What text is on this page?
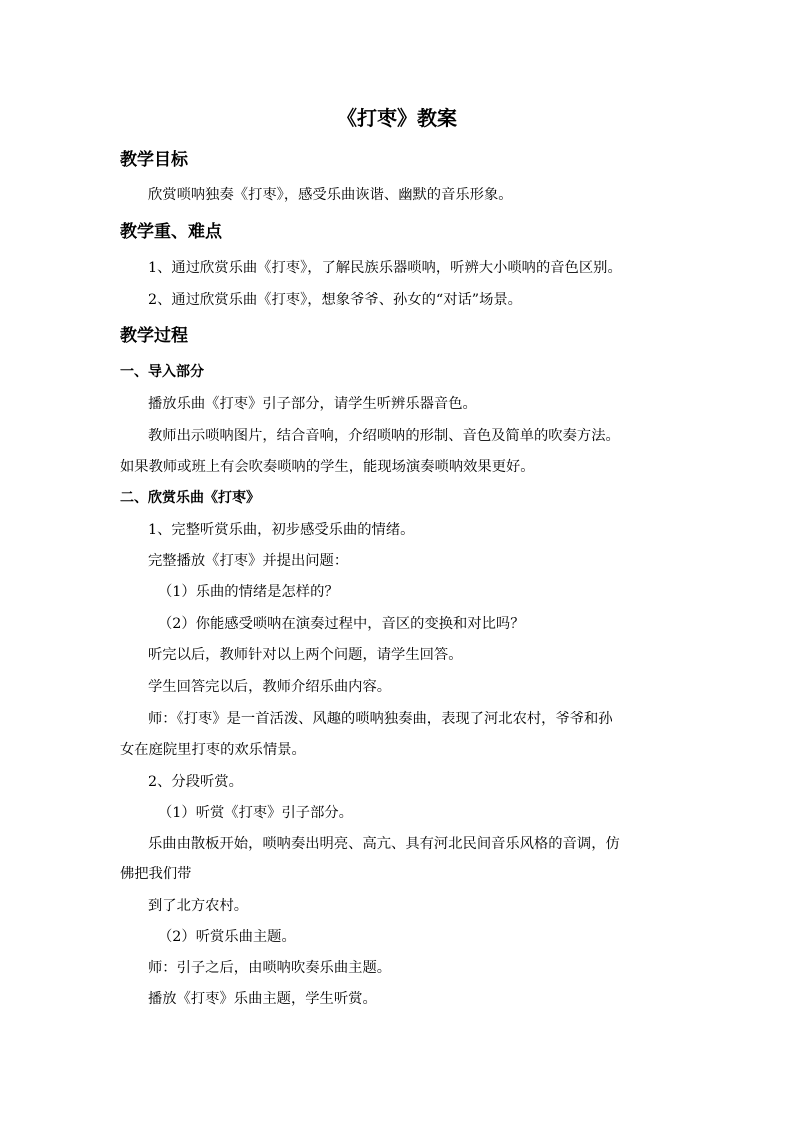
《打枣》教案
教学目标
欣赏唢呐独奏《打枣》，感受乐曲诙谐、幽默的音乐形象。
教学重、难点
1、通过欣赏乐曲《打枣》，了解民族乐器唢呐，听辨大小唢呐的音色区别。
2、通过欣赏乐曲《打枣》，想象爷爷、孙女的“对话”场景。
教学过程
一、导入部分
播放乐曲《打枣》引子部分，请学生听辨乐器音色。
教师出示唢呐图片，结合音响，介绍唢呐的形制、音色及简单的吹奏方法。
如果教师或班上有会吹奏唢呐的学生，能现场演奏唢呐效果更好。
二、欣赏乐曲《打枣》
1、完整听赏乐曲，初步感受乐曲的情绪。
完整播放《打枣》并提出问题：
（1）乐曲的情绪是怎样的？
（2）你能感受唢呐在演奏过程中，音区的变换和对比吗？
听完以后，教师针对以上两个问题，请学生回答。
学生回答完以后，教师介绍乐曲内容。
师：《打枣》是一首活泼、风趣的唢呐独奏曲，表现了河北农村，爷爷和孙
女在庭院里打枣的欢乐情景。
2、分段听赏。
（1）听赏《打枣》引子部分。
乐曲由散板开始，唢呐奏出明亮、高亢、具有河北民间音乐风格的音调，仿
佛把我们带
到了北方农村。
（2）听赏乐曲主题。
师：引子之后，由唢呐吹奏乐曲主题。
播放《打枣》乐曲主题，学生听赏。
